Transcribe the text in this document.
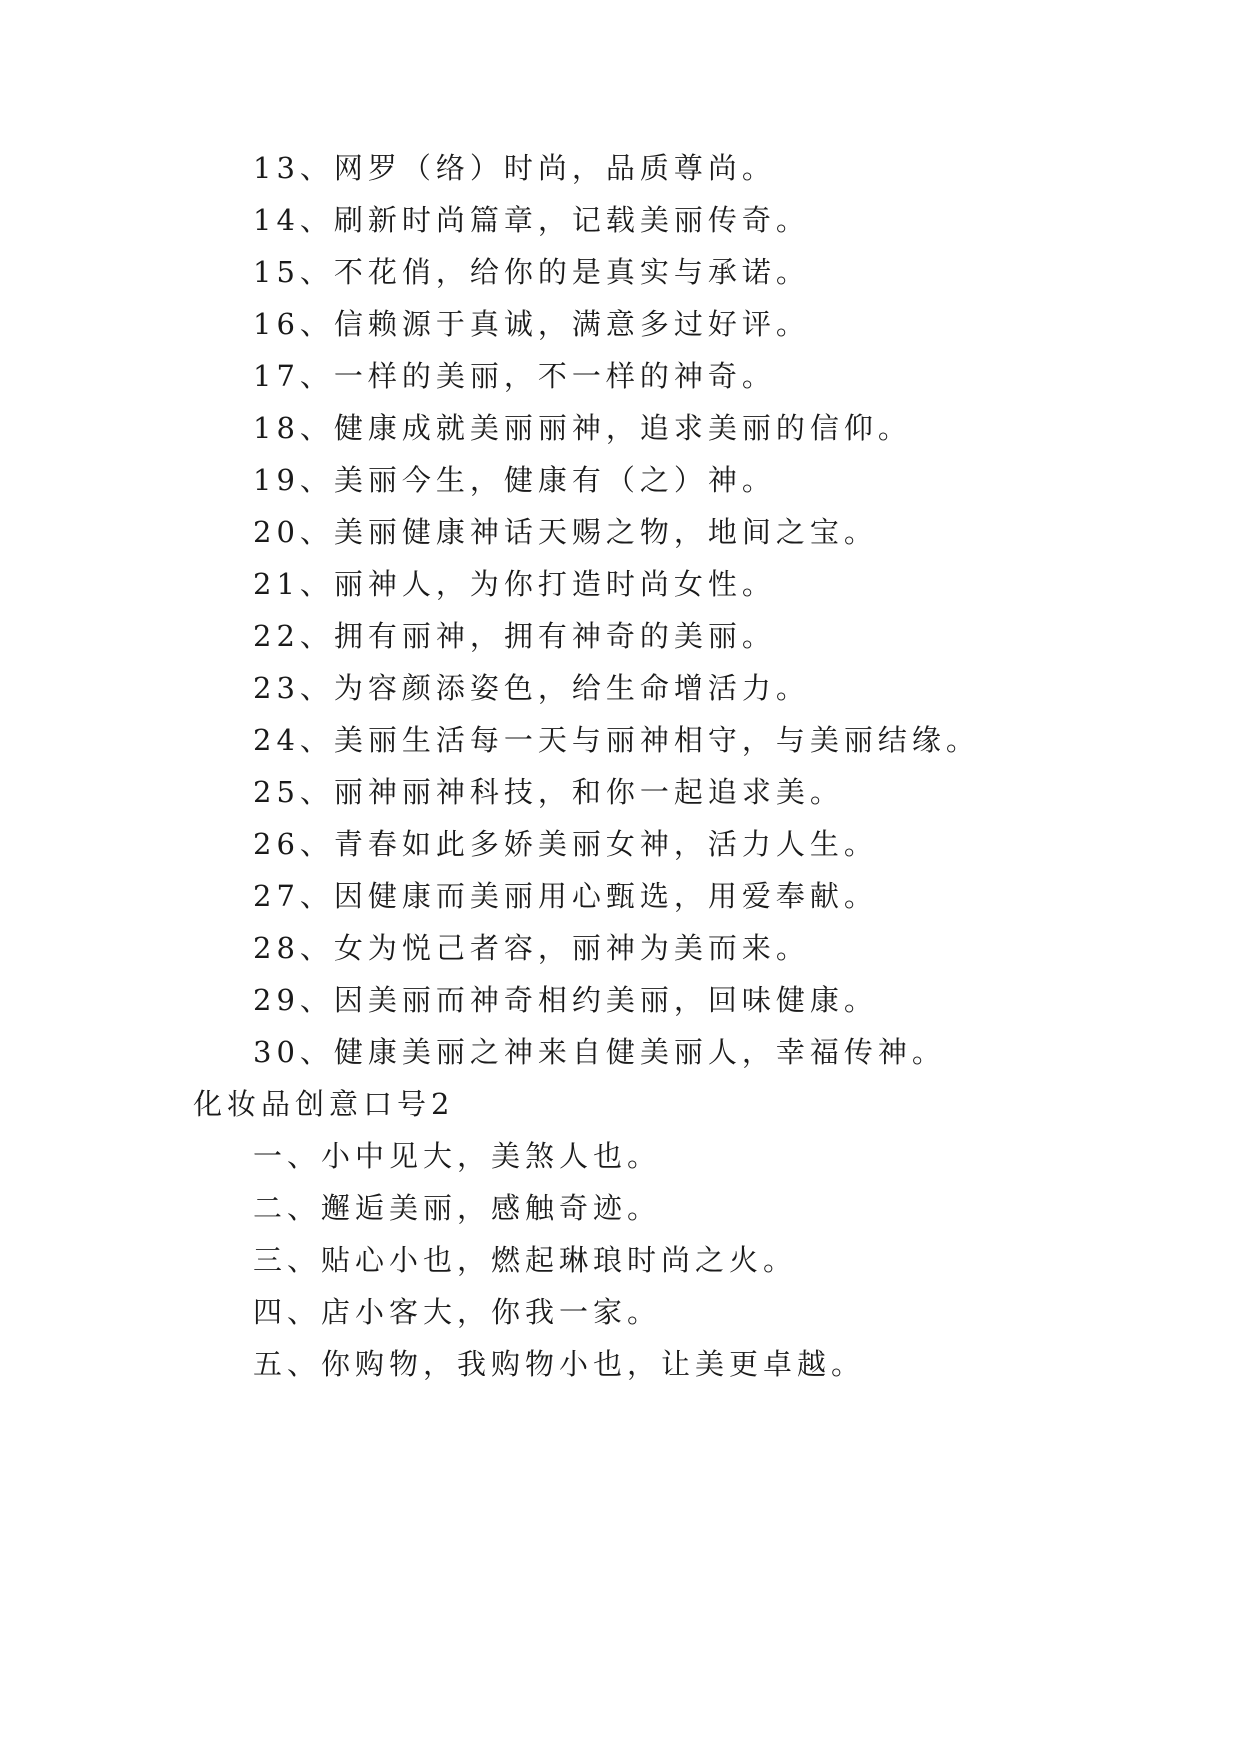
13、网罗（络）时尚，品质尊尚。
14、刷新时尚篇章，记载美丽传奇。
15、不花俏，给你的是真实与承诺。
16、信赖源于真诚，满意多过好评。
17、一样的美丽，不一样的神奇。
18、健康成就美丽丽神，追求美丽的信仰。
19、美丽今生，健康有（之）神。
20、美丽健康神话天赐之物，地间之宝。
21、丽神人，为你打造时尚女性。
22、拥有丽神，拥有神奇的美丽。
23、为容颜添姿色，给生命增活力。
24、美丽生活每一天与丽神相守，与美丽结缘。
25、丽神丽神科技，和你一起追求美。
26、青春如此多娇美丽女神，活力人生。
27、因健康而美丽用心甄选，用爱奉献。
28、女为悦己者容，丽神为美而来。
29、因美丽而神奇相约美丽，回味健康。
30、健康美丽之神来自健美丽人，幸福传神。
化妆品创意口号2
一、小中见大，美煞人也。
二、邂逅美丽，感触奇迹。
三、贴心小也，燃起琳琅时尚之火。
四、店小客大，你我一家。
五、你购物，我购物小也，让美更卓越。
